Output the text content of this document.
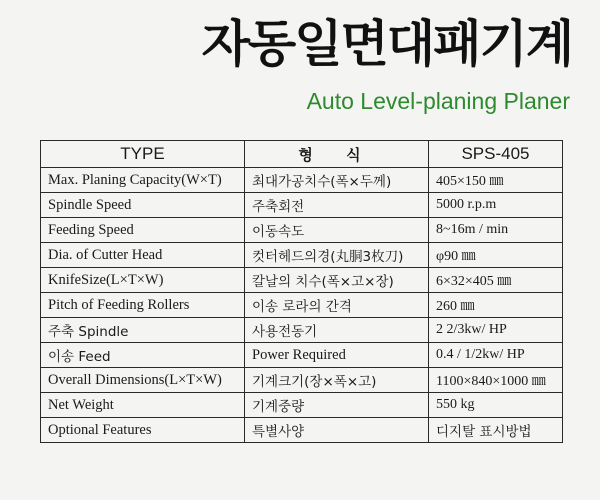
자동일면대패기계
Auto Level-planing Planer
TYPE	형 식	SPS-405
Max. Planing Capacity(W×T)	최대가공치수(폭×두께)	405×150 ㎜
Spindle Speed	주축회전	5000 r.p.m
Feeding Speed	이동속도	8~16m / min
Dia. of Cutter Head	컷터헤드의경(丸胴3枚刀)	φ90 ㎜
KnifeSize(L×T×W)	칼날의 치수(폭×고×장)	6×32×405 ㎜
Pitch of Feeding Rollers	이송 로라의 간격	260 ㎜
주축 Spindle	사용전동기	2 2/3kw/ HP
이송 Feed	Power Required	0.4 / 1/2kw/ HP
Overall Dimensions(L×T×W)	기계크기(장×폭×고)	1100×840×1000 ㎜
Net Weight	기계중량	550 kg
Optional Features	특별사양	디지탈 표시방법
